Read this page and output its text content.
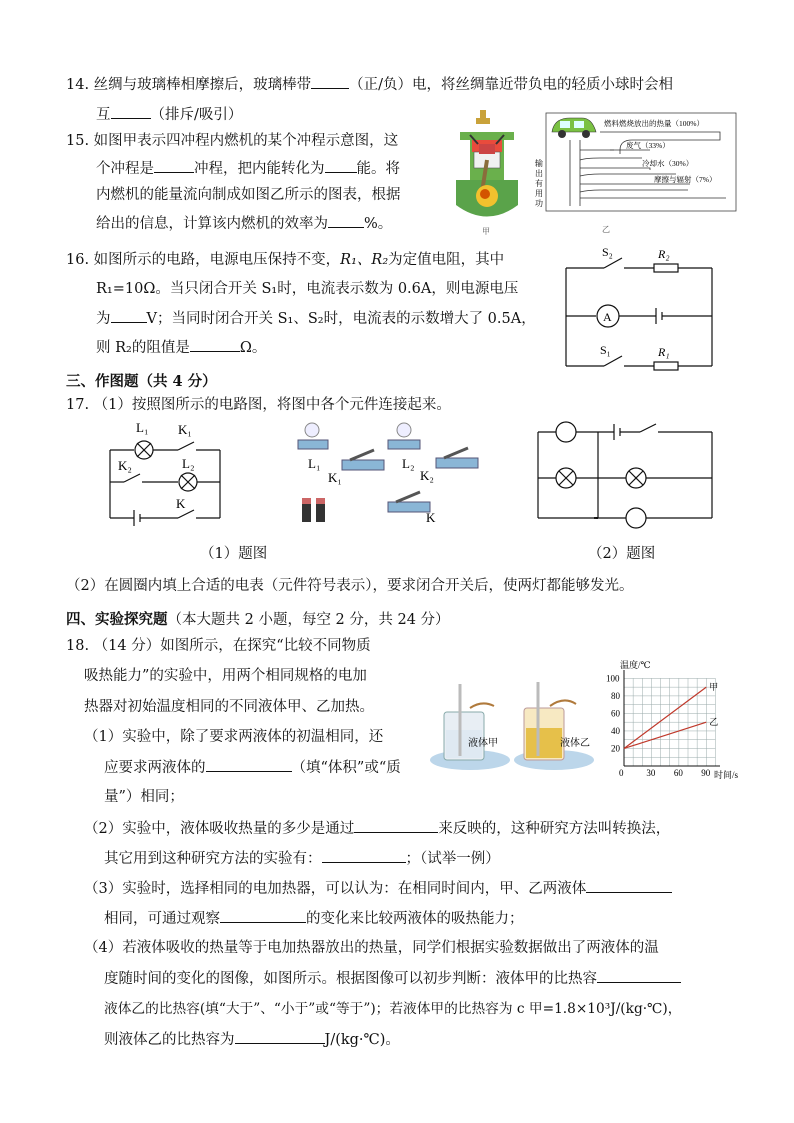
14. 丝绸与玻璃棒相摩擦后，玻璃棒带	（正/负）电，将丝绸靠近带负电的轻质小球时会相
互	（排斥/吸引）
15. 如图甲表示四冲程内燃机的某个冲程示意图，这
个冲程是	冲程，把内能转化为 能。将
内燃机的能量流向制成如图乙所示的图表，根据
给出的信息，计算该内燃机的效率为 %。	甲
燃料燃烧放出的热量（100%）
废气（33%）
冷却水（30%）
摩擦与辐射（7%）
输
出
有
用
功
乙
16. 如图所示的电路，电源电压保持不变，R₁、R₂为定值电阻，其中
R₁=10Ω。当只闭合开关 S₁时，电流表示数为 0.6A，则电源电压
为 V；当同时闭合开关 S₁、S₂时，电流表的示数增大了 0.5A，
则 R₂的阻值是	Ω。
S₂	R₂
A
S₁	R₁
三、作图题（共 4 分）
17. （1）按照图所示的电路图，将图中各个元件连接起来。
L₁ K₁
K₂	L₂
K
L₁	L₂
K₁	K₂
K
（1）题图	（2）题图
（2）在圆圈内填上合适的电表（元件符号表示），要求闭合开关后，使两灯都能够发光。
四、实验探究题（本大题共 2 小题，每空 2 分，共 24 分）
18. （14 分）如图所示，在探究“比较不同物质
吸热能力”的实验中，用两个相同规格的电加
热器对初始温度相同的不同液体甲、乙加热。
（1）实验中，除了要求两液体的初温相同，还
应要求两液体的	（填“体积”或“质
量”）相同；
（2）实验中，液体吸收热量的多少是通过	来反映的，这种研究方法叫转换法，
其它用到这种研究方法的实验有：	；（试举一例）
（3）实验时，选择相同的电加热器，可以认为：在相同时间内，甲、乙两液体
相同，可通过观察	的变化来比较两液体的吸热能力；
（4）若液体吸收的热量等于电加热器放出的热量，同学们根据实验数据做出了两液体的温
度随时间的变化的图像，如图所示。根据图像可以初步判断：液体甲的比热容
液体乙的比热容(填“大于”、“小于”或“等于”)；若液体甲的比热容为 c 甲=1.8×10³J/(kg·℃)，
则液体乙的比热容为	J/(kg·℃)。
液体甲	液体乙
0	30 60 90
20
40
60
80
100
甲
乙
温度/℃
时间/s
